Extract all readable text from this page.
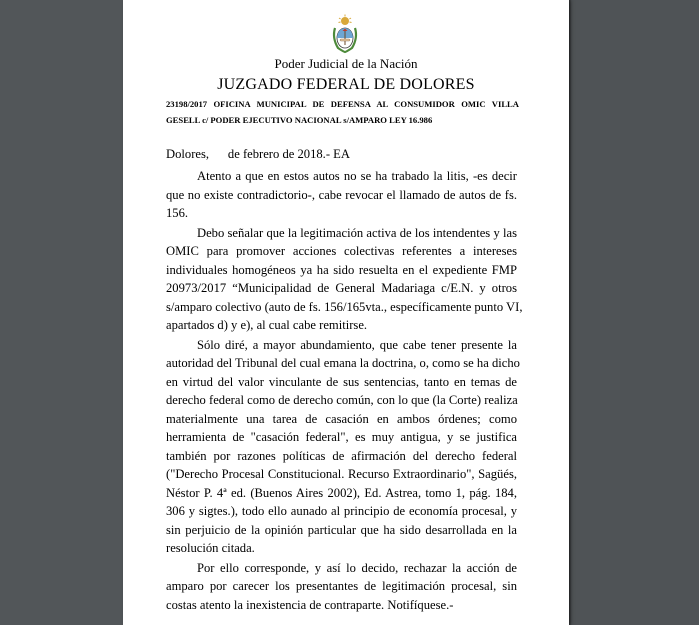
Poder Judicial de la Nación
JUZGADO FEDERAL DE DOLORES
23198/2017 OFICINA MUNICIPAL DE DEFENSA AL CONSUMIDOR OMIC VILLA
GESELL c/ PODER EJECUTIVO NACIONAL s/AMPARO LEY 16.986
Dolores,      de febrero de 2018.- EA
Atento a que en estos autos no se ha trabado la litis, -es decir
que no existe contradictorio-, cabe revocar el llamado de autos de fs.
156.
Debo señalar que la legitimación activa de los intendentes y las
OMIC para promover acciones colectivas referentes a intereses
individuales homogéneos ya ha sido resuelta en el expediente FMP
20973/2017 “Municipalidad de General Madariaga c/E.N. y otros
s/amparo colectivo (auto de fs. 156/165vta., específicamente punto VI,
apartados d) y e), al cual cabe remitirse.
Sólo diré, a mayor abundamiento, que cabe tener presente la
autoridad del Tribunal del cual emana la doctrina, o, como se ha dicho
en virtud del valor vinculante de sus sentencias, tanto en temas de
derecho federal como de derecho común, con lo que (la Corte) realiza
materialmente una tarea de casación en ambos órdenes; como
herramienta de "casación federal", es muy antigua, y se justifica
también por razones políticas de afirmación del derecho federal
("Derecho Procesal Constitucional. Recurso Extraordinario", Sagüés,
Néstor P. 4ª ed. (Buenos Aires 2002), Ed. Astrea, tomo 1, pág. 184,
306 y sigtes.), todo ello aunado al principio de economía procesal, y
sin perjuicio de la opinión particular que ha sido desarrollada en la
resolución citada.
Por ello corresponde, y así lo decido, rechazar la acción de
amparo por carecer los presentantes de legitimación procesal, sin
costas atento la inexistencia de contraparte. Notifíquese.-
